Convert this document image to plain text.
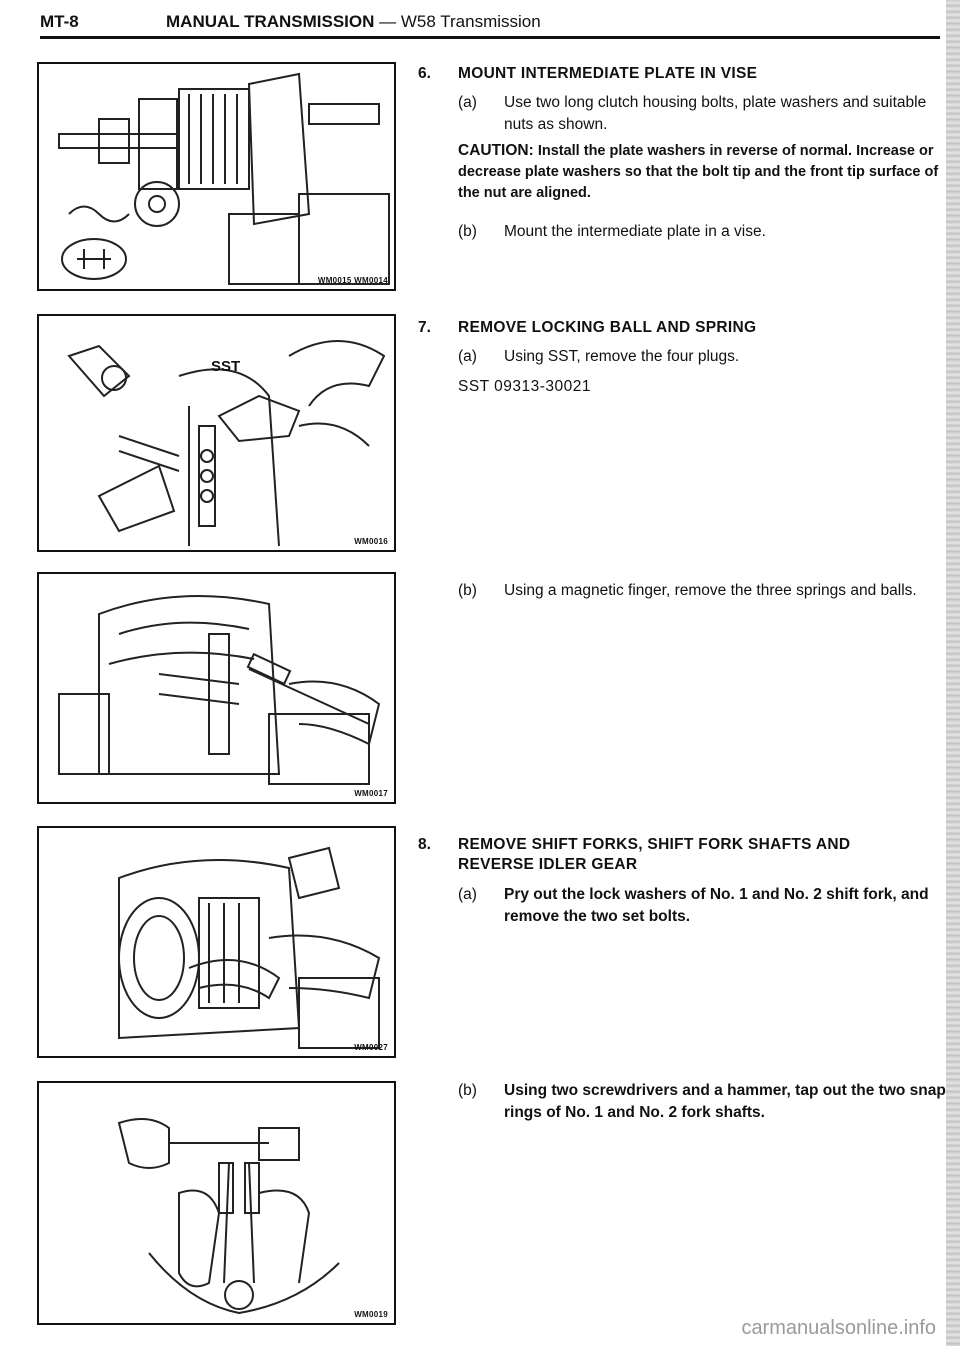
MT-8	MANUAL TRANSMISSION — W58 Transmission
WM0015 WM0014
SST
WM0016
WM0017
WM0027
WM0019
6. MOUNT INTERMEDIATE PLATE IN VISE
(a) Use two long clutch housing bolts, plate washers and suitable nuts as shown.
CAUTION: Install the plate washers in reverse of normal. Increase or decrease plate washers so that the bolt tip and the front tip surface of the nut are aligned.
(b) Mount the intermediate plate in a vise.
7. REMOVE LOCKING BALL AND SPRING
(a) Using SST, remove the four plugs.
SST 09313-30021
(b) Using a magnetic finger, remove the three springs and balls.
8. REMOVE SHIFT FORKS, SHIFT FORK SHAFTS AND
REVERSE IDLER GEAR
(a) Pry out the lock washers of No. 1 and No. 2 shift fork, and remove the two set bolts.
(b) Using two screwdrivers and a hammer, tap out the two snap rings of No. 1 and No. 2 fork shafts.
carmanualsonline.info
